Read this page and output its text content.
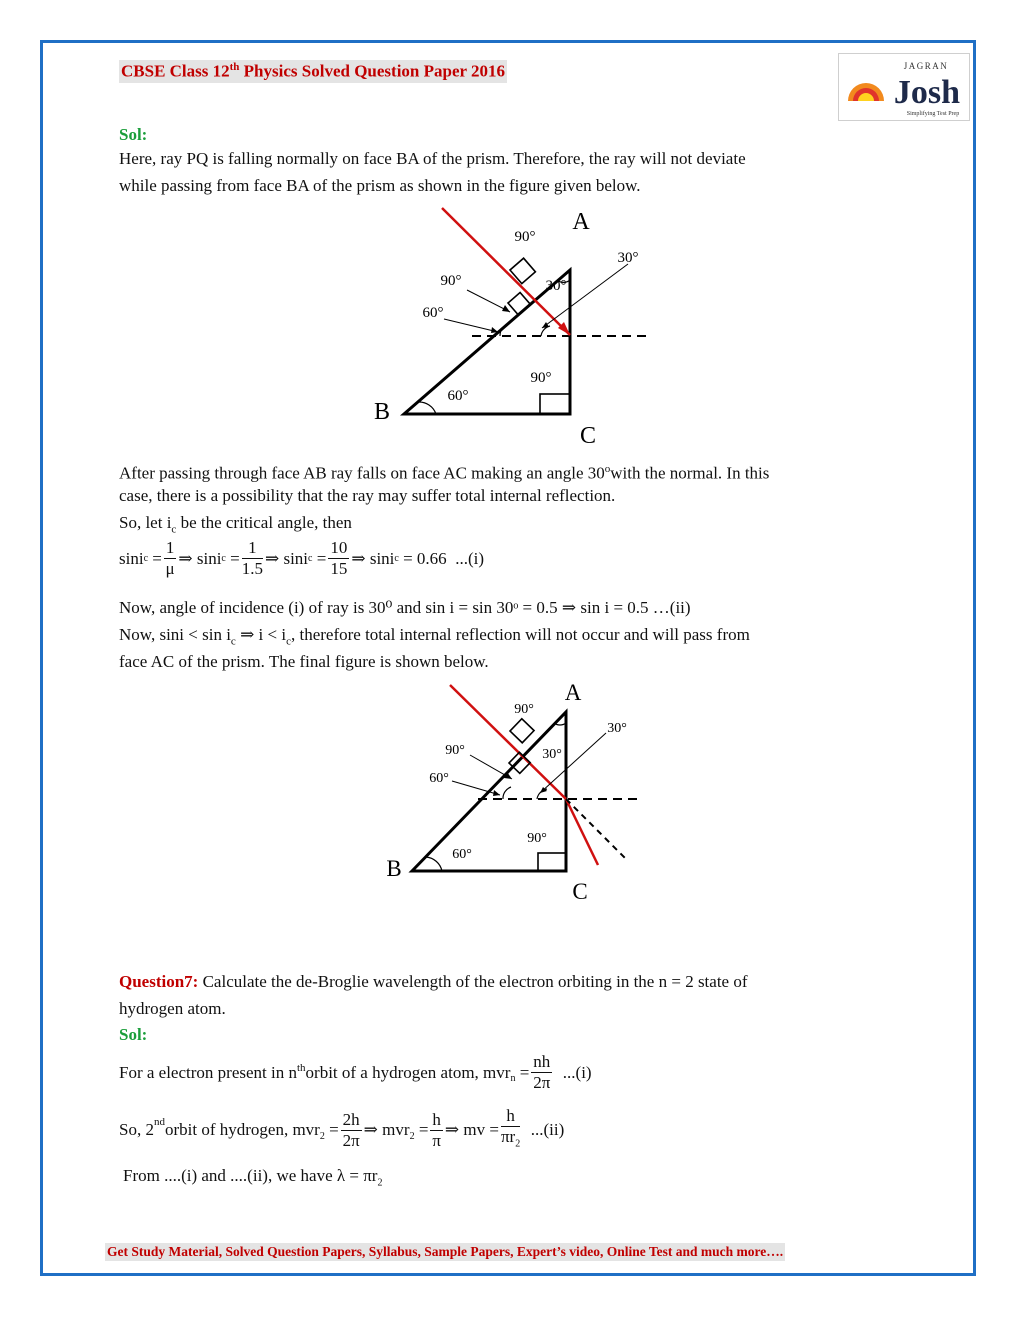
CBSE Class 12th Physics Solved Question Paper 2016	JAGRAN
Josh
Simplifying Test Prep
Sol:
Here, ray PQ is falling normally on face BA of the prism. Therefore, the ray will not deviate
while passing from face BA of the prism as shown in the figure given below.
A
B
C
90°
30°
90°	30°
60°
90°
60°
After passing through face AB ray falls on face AC making an angle 30$^o$with the normal. In this
case, there is a possibility that the ray may suffer total internal reflection.
So, let $i_c$ be the critical angle, then
sini c
= $\frac{1}{\mu}$ ⇒
sini c
= $\frac{1}{1.5}$ ⇒
sini c
= $\frac{10}{15}$ ⇒
sini c
= 0.66
...(i)
Now, angle of incidence (i) of ray is 30⁰ and sin i = sin 30ᵒ = 0.5 ⇒ sin i = 0.5 …(ii)
Now, $\sin i < \sin i_c$ ⇒ $i < i_c$, therefore total internal reflection will not occur and will pass from
face AC of the prism. The final figure is shown below.
A
B
C
90°
30°
90°	30°
60°
90°
60°
Question7: Calculate the de-Broglie wavelength of the electron orbiting in the n = 2 state of
hydrogen atom.
Sol:
For a electron present in $n^{th}$ orbit of a hydrogen atom, mvr$_n$
= $\frac{nh}{2\pi}$
...(i)
So, 2nd orbit of hydrogen, mvr$_2$
= $\frac{2h}{2\pi}$ ⇒ mvr$_2$
= $\frac{h}{\pi}$ ⇒ mv = $\frac{h}{\pi r_2}$
...(ii)
From ....(i) and ....(ii), we have $\lambda = \pi r_2$
Get Study Material, Solved Question Papers, Syllabus, Sample Papers, Expert’s video, Online Test and much more….
